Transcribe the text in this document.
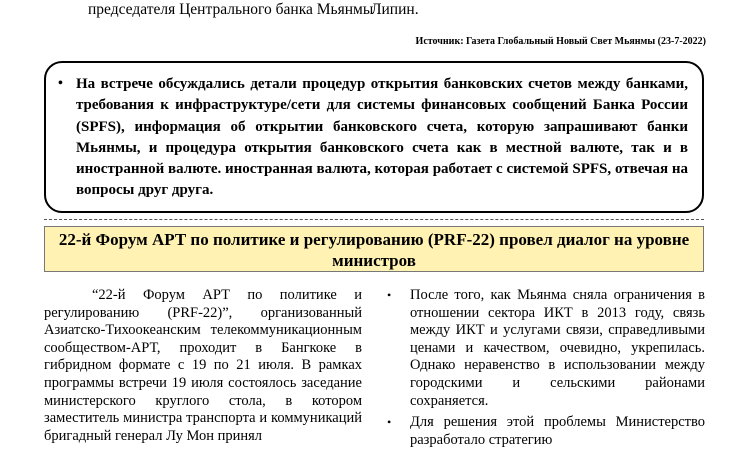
председателя Центрального банка Мьянмы
Липин.
Источник: Газета Глобальный Новый Свет Мьянмы (23-7-2022)
• На встрече обсуждались детали процедур открытия банковских счетов между банками, требования к инфраструктуре/сети для системы финансовых сообщений Банка России (SPFS), информация об открытии банковского счета, которую запрашивают банки Мьянмы, и процедура открытия банковского счета как в местной валюте, так и в иностранной валюте. иностранная валюта, которая работает с системой SPFS, отвечая на вопросы друг друга.
22-й Форум АРТ по политике и регулированию (PRF-22) провел диалог на уровне министров
“22-й Форум АРТ по политике и регулированию (PRF-22)”, организованный Азиатско-Тихоокеанским телекоммуникационным сообществом-АРТ, проходит в Бангкоке в гибридном формате с 19 по 21 июля. В рамках программы встречи 19 июля состоялось заседание министерского круглого стола, в котором заместитель министра транспорта и коммуникаций бригадный генерал Лу Мон принял
• После того, как Мьянма сняла ограничения в отношении сектора ИКТ в 2013 году, связь между ИКТ и услугами связи, справедливыми ценами и качеством, очевидно, укрепилась. Однако неравенство в использовании между городскими и сельскими районами сохраняется.
• Для решения этой проблемы Министерство разработало стратегию
